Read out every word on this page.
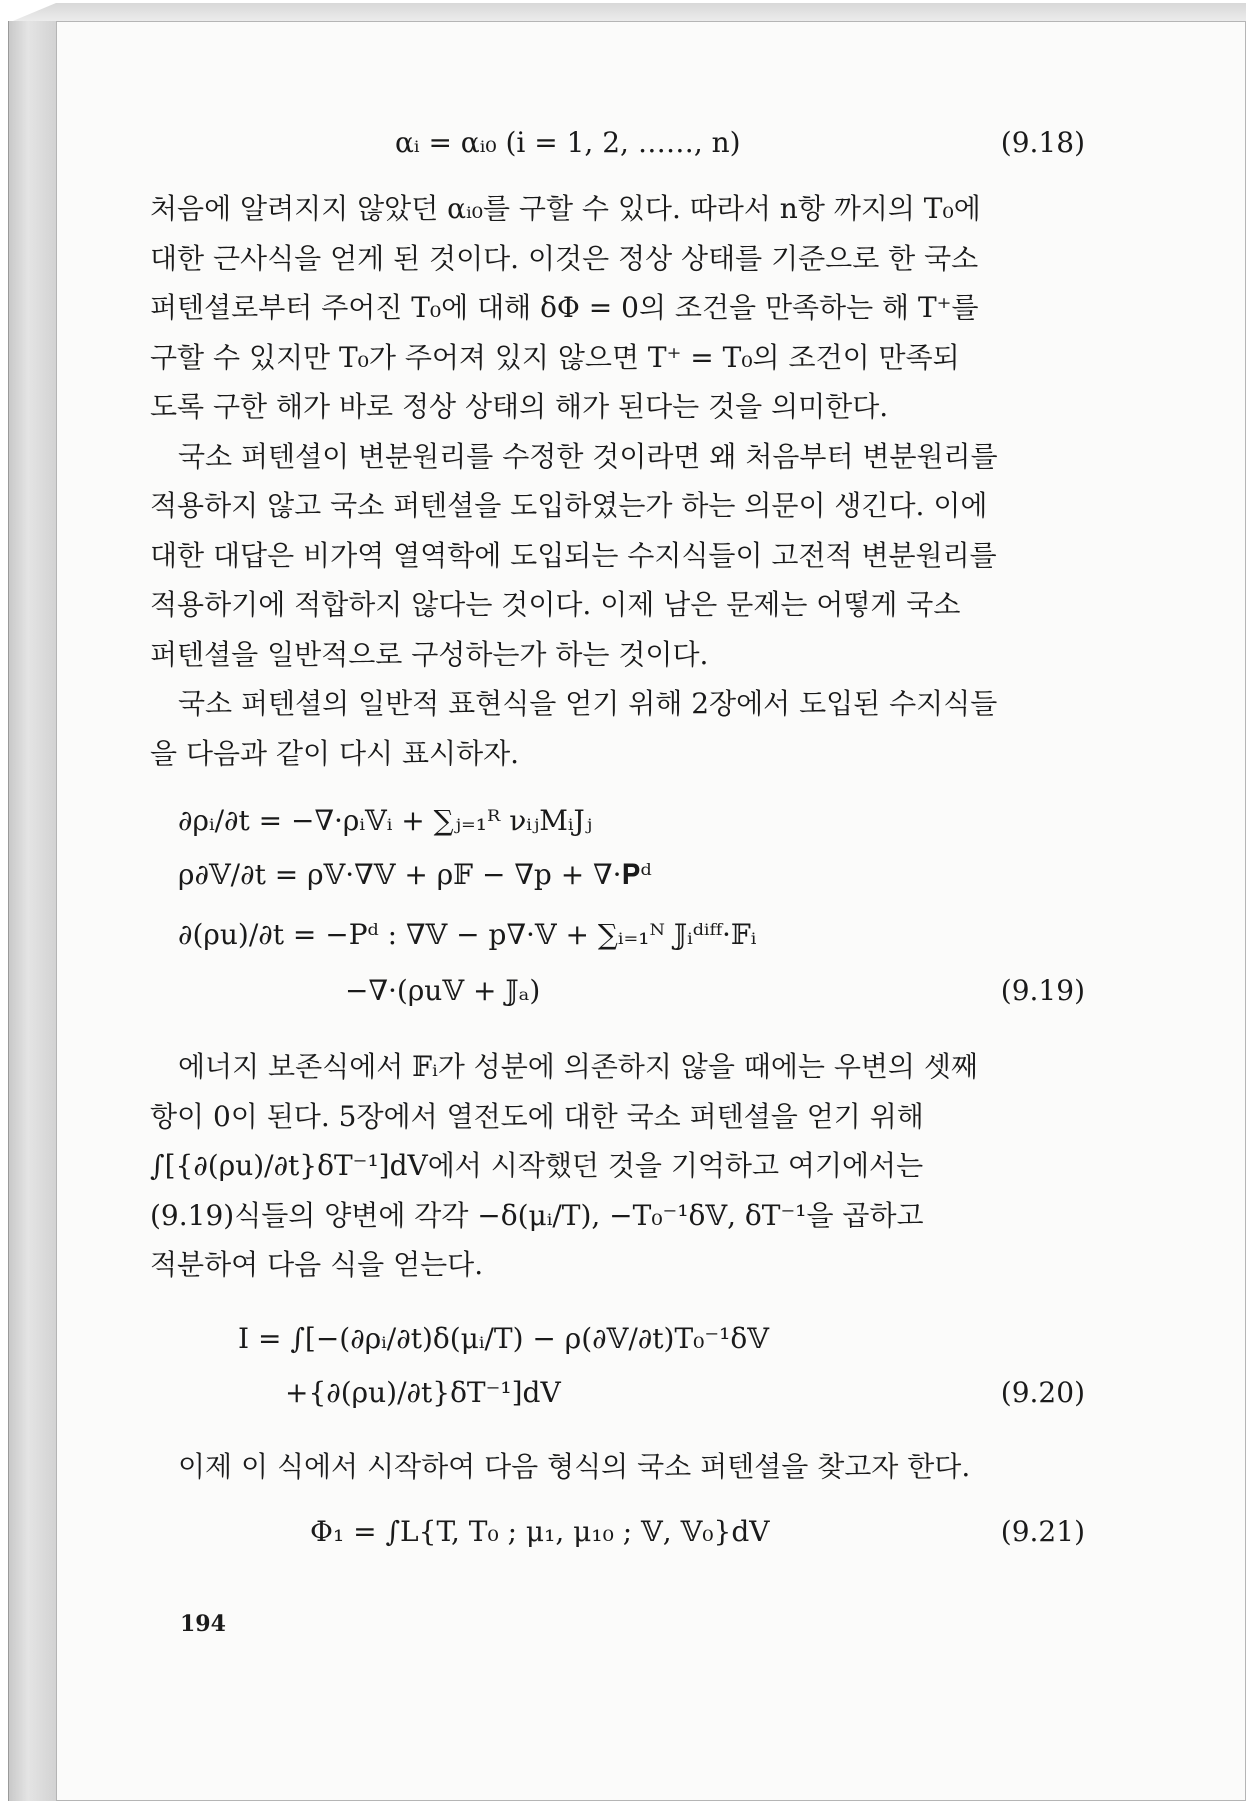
αᵢ = αᵢ₀ (i = 1, 2, ……, n)	(9.18)

처음에 알려지지 않았던 αᵢ₀를 구할 수 있다. 따라서 n항 까지의 T₀에
대한 근사식을 얻게 된 것이다. 이것은 정상 상태를 기준으로 한 국소
퍼텐셜로부터 주어진 T₀에 대해 δΦ = 0의 조건을 만족하는 해 T⁺를
구할 수 있지만 T₀가 주어져 있지 않으면 T⁺ = T₀의 조건이 만족되
도록 구한 해가 바로 정상 상태의 해가 된다는 것을 의미한다.

국소 퍼텐셜이 변분원리를 수정한 것이라면 왜 처음부터 변분원리를
적용하지 않고 국소 퍼텐셜을 도입하였는가 하는 의문이 생긴다. 이에
대한 대답은 비가역 열역학에 도입되는 수지식들이 고전적 변분원리를
적용하기에 적합하지 않다는 것이다. 이제 남은 문제는 어떻게 국소
퍼텐셜을 일반적으로 구성하는가 하는 것이다.

국소 퍼텐셜의 일반적 표현식을 얻기 위해 2장에서 도입된 수지식들
을 다음과 같이 다시 표시하자.

∂ρᵢ/∂t = −∇·ρᵢ𝕍ᵢ + ∑ⱼ₌₁ᴿ νᵢⱼMᵢJⱼ
ρ∂𝕍/∂t = ρ𝕍·∇𝕍 + ρ𝔽 − ∇p + ∇·𝐏ᵈ
∂(ρu)/∂t = −Pᵈ : ∇𝕍 − p∇·𝕍 + ∑ᵢ₌₁ᴺ 𝕁ᵢᵈⁱᶠᶠ·𝔽ᵢ
−∇·(ρu𝕍 + 𝕁ₐ)	(9.19)

에너지 보존식에서 𝔽ᵢ가 성분에 의존하지 않을 때에는 우변의 셋째
항이 0이 된다. 5장에서 열전도에 대한 국소 퍼텐셜을 얻기 위해
∫[{∂(ρu)/∂t}δT⁻¹]dV에서 시작했던 것을 기억하고 여기에서는
(9.19)식들의 양변에 각각 −δ(μᵢ/T), −T₀⁻¹δ𝕍, δT⁻¹을 곱하고
적분하여 다음 식을 얻는다.

I = ∫[−(∂ρᵢ/∂t)δ(μᵢ/T) − ρ(∂𝕍/∂t)T₀⁻¹δ𝕍
+{∂(ρu)/∂t}δT⁻¹]dV	(9.20)

이제 이 식에서 시작하여 다음 형식의 국소 퍼텐셜을 찾고자 한다.

Φ₁ = ∫L{T, T₀ ; μ₁, μ₁₀ ; 𝕍, 𝕍₀}dV	(9.21)
194
